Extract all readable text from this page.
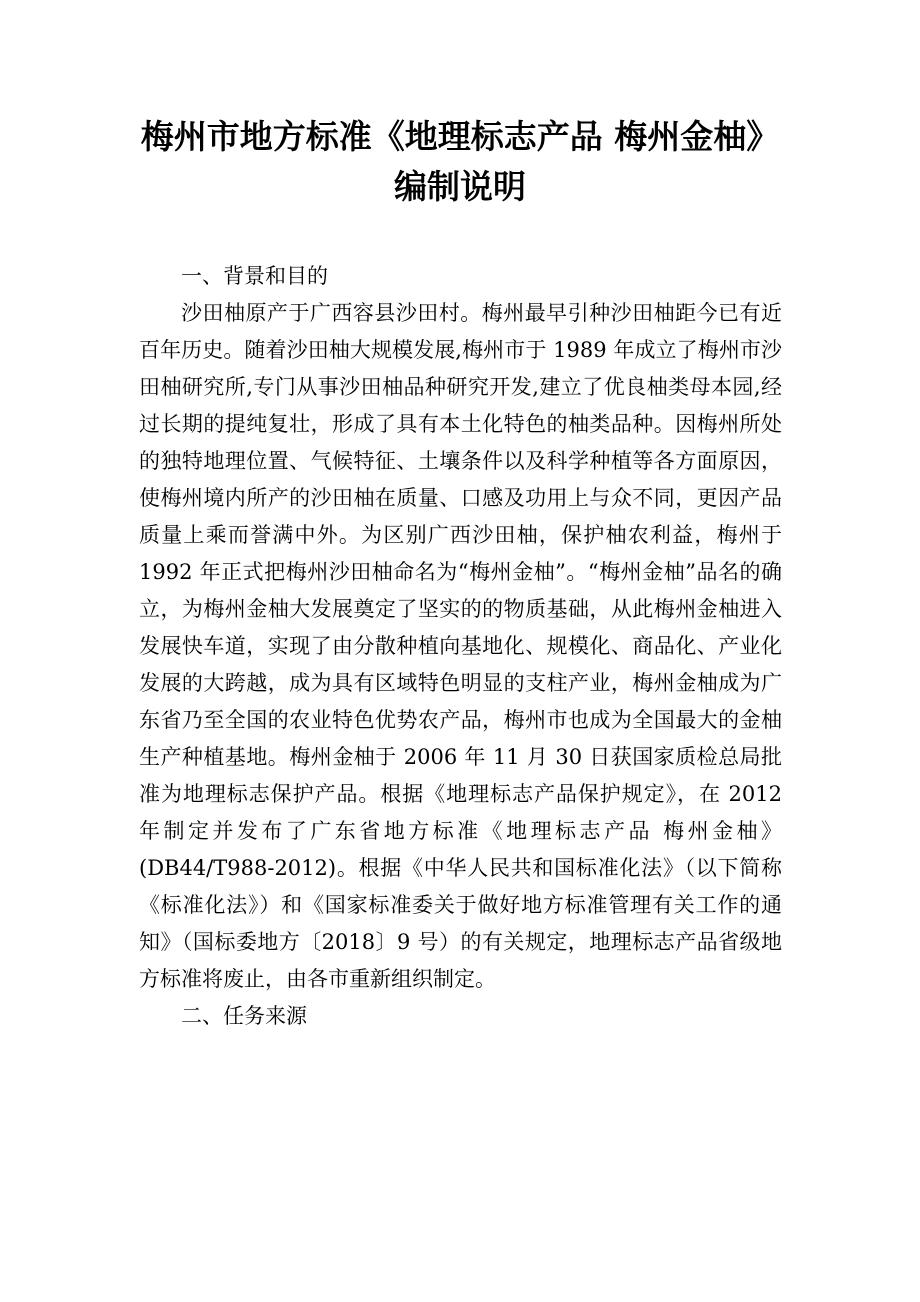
梅州市地方标准《地理标志产品 梅州金柚》
编制说明

一、背景和目的

沙田柚原产于广西容县沙田村。梅州最早引种沙田柚距今已有近百年历史。随着沙田柚大规模发展,梅州市于 1989 年成立了梅州市沙田柚研究所,专门从事沙田柚品种研究开发,建立了优良柚类母本园,经过长期的提纯复壮，形成了具有本土化特色的柚类品种。因梅州所处的独特地理位置、气候特征、土壤条件以及科学种植等各方面原因，使梅州境内所产的沙田柚在质量、口感及功用上与众不同，更因产品质量上乘而誉满中外。为区别广西沙田柚，保护柚农利益，梅州于1992 年正式把梅州沙田柚命名为“梅州金柚”。“梅州金柚”品名的确立，为梅州金柚大发展奠定了坚实的的物质基础，从此梅州金柚进入发展快车道，实现了由分散种植向基地化、规模化、商品化、产业化发展的大跨越，成为具有区域特色明显的支柱产业，梅州金柚成为广东省乃至全国的农业特色优势农产品，梅州市也成为全国最大的金柚生产种植基地。梅州金柚于 2006 年 11 月 30 日获国家质检总局批准为地理标志保护产品。根据《地理标志产品保护规定》，在 2012 年制定并发布了广东省地方标准《地理标志产品 梅州金柚》(DB44/T988-2012)。根据《中华人民共和国标准化法》（以下简称《标准化法》）和《国家标准委关于做好地方标准管理有关工作的通知》（国标委地方〔2018〕9 号）的有关规定，地理标志产品省级地方标准将废止，由各市重新组织制定。

二、任务来源
